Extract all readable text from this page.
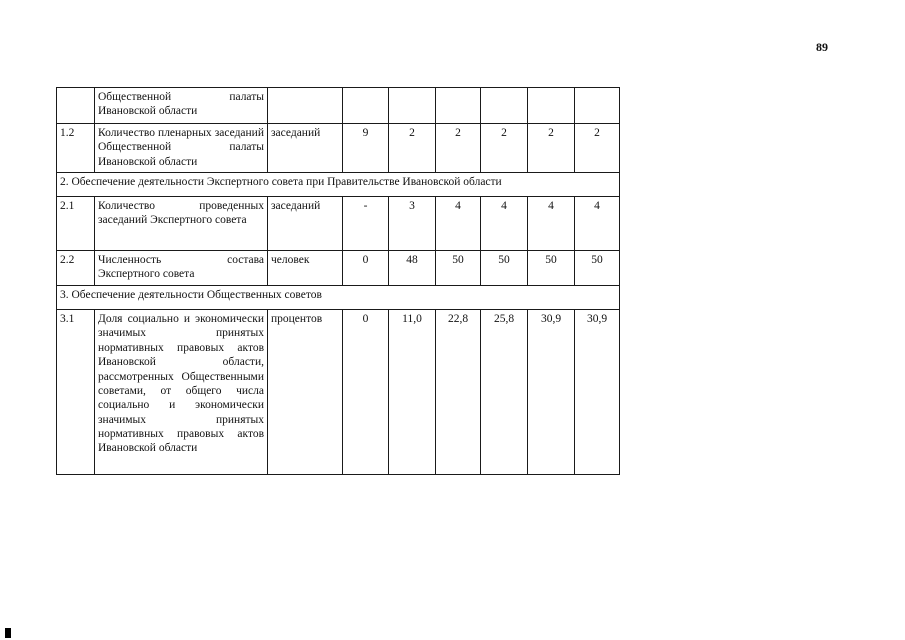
89
	Общественной палаты Ивановской области							
1.2	Количество пленарных заседаний Общественной палаты Ивановской области	заседаний	9	2	2	2	2	2
2. Обеспечение деятельности Экспертного совета при Правительстве Ивановской области								
2.1	Количество проведенных заседаний Экспертного совета	заседаний	-	3	4	4	4	4
2.2	Численность состава Экспертного совета	человек	0	48	50	50	50	50
3. Обеспечение деятельности Общественных советов								
3.1	Доля социально и экономически значимых принятых нормативных правовых актов Ивановской области, рассмотренных Общественными советами, от общего числа социально и экономически значимых принятых нормативных правовых актов Ивановской области	процентов	0	11,0	22,8	25,8	30,9	30,9
